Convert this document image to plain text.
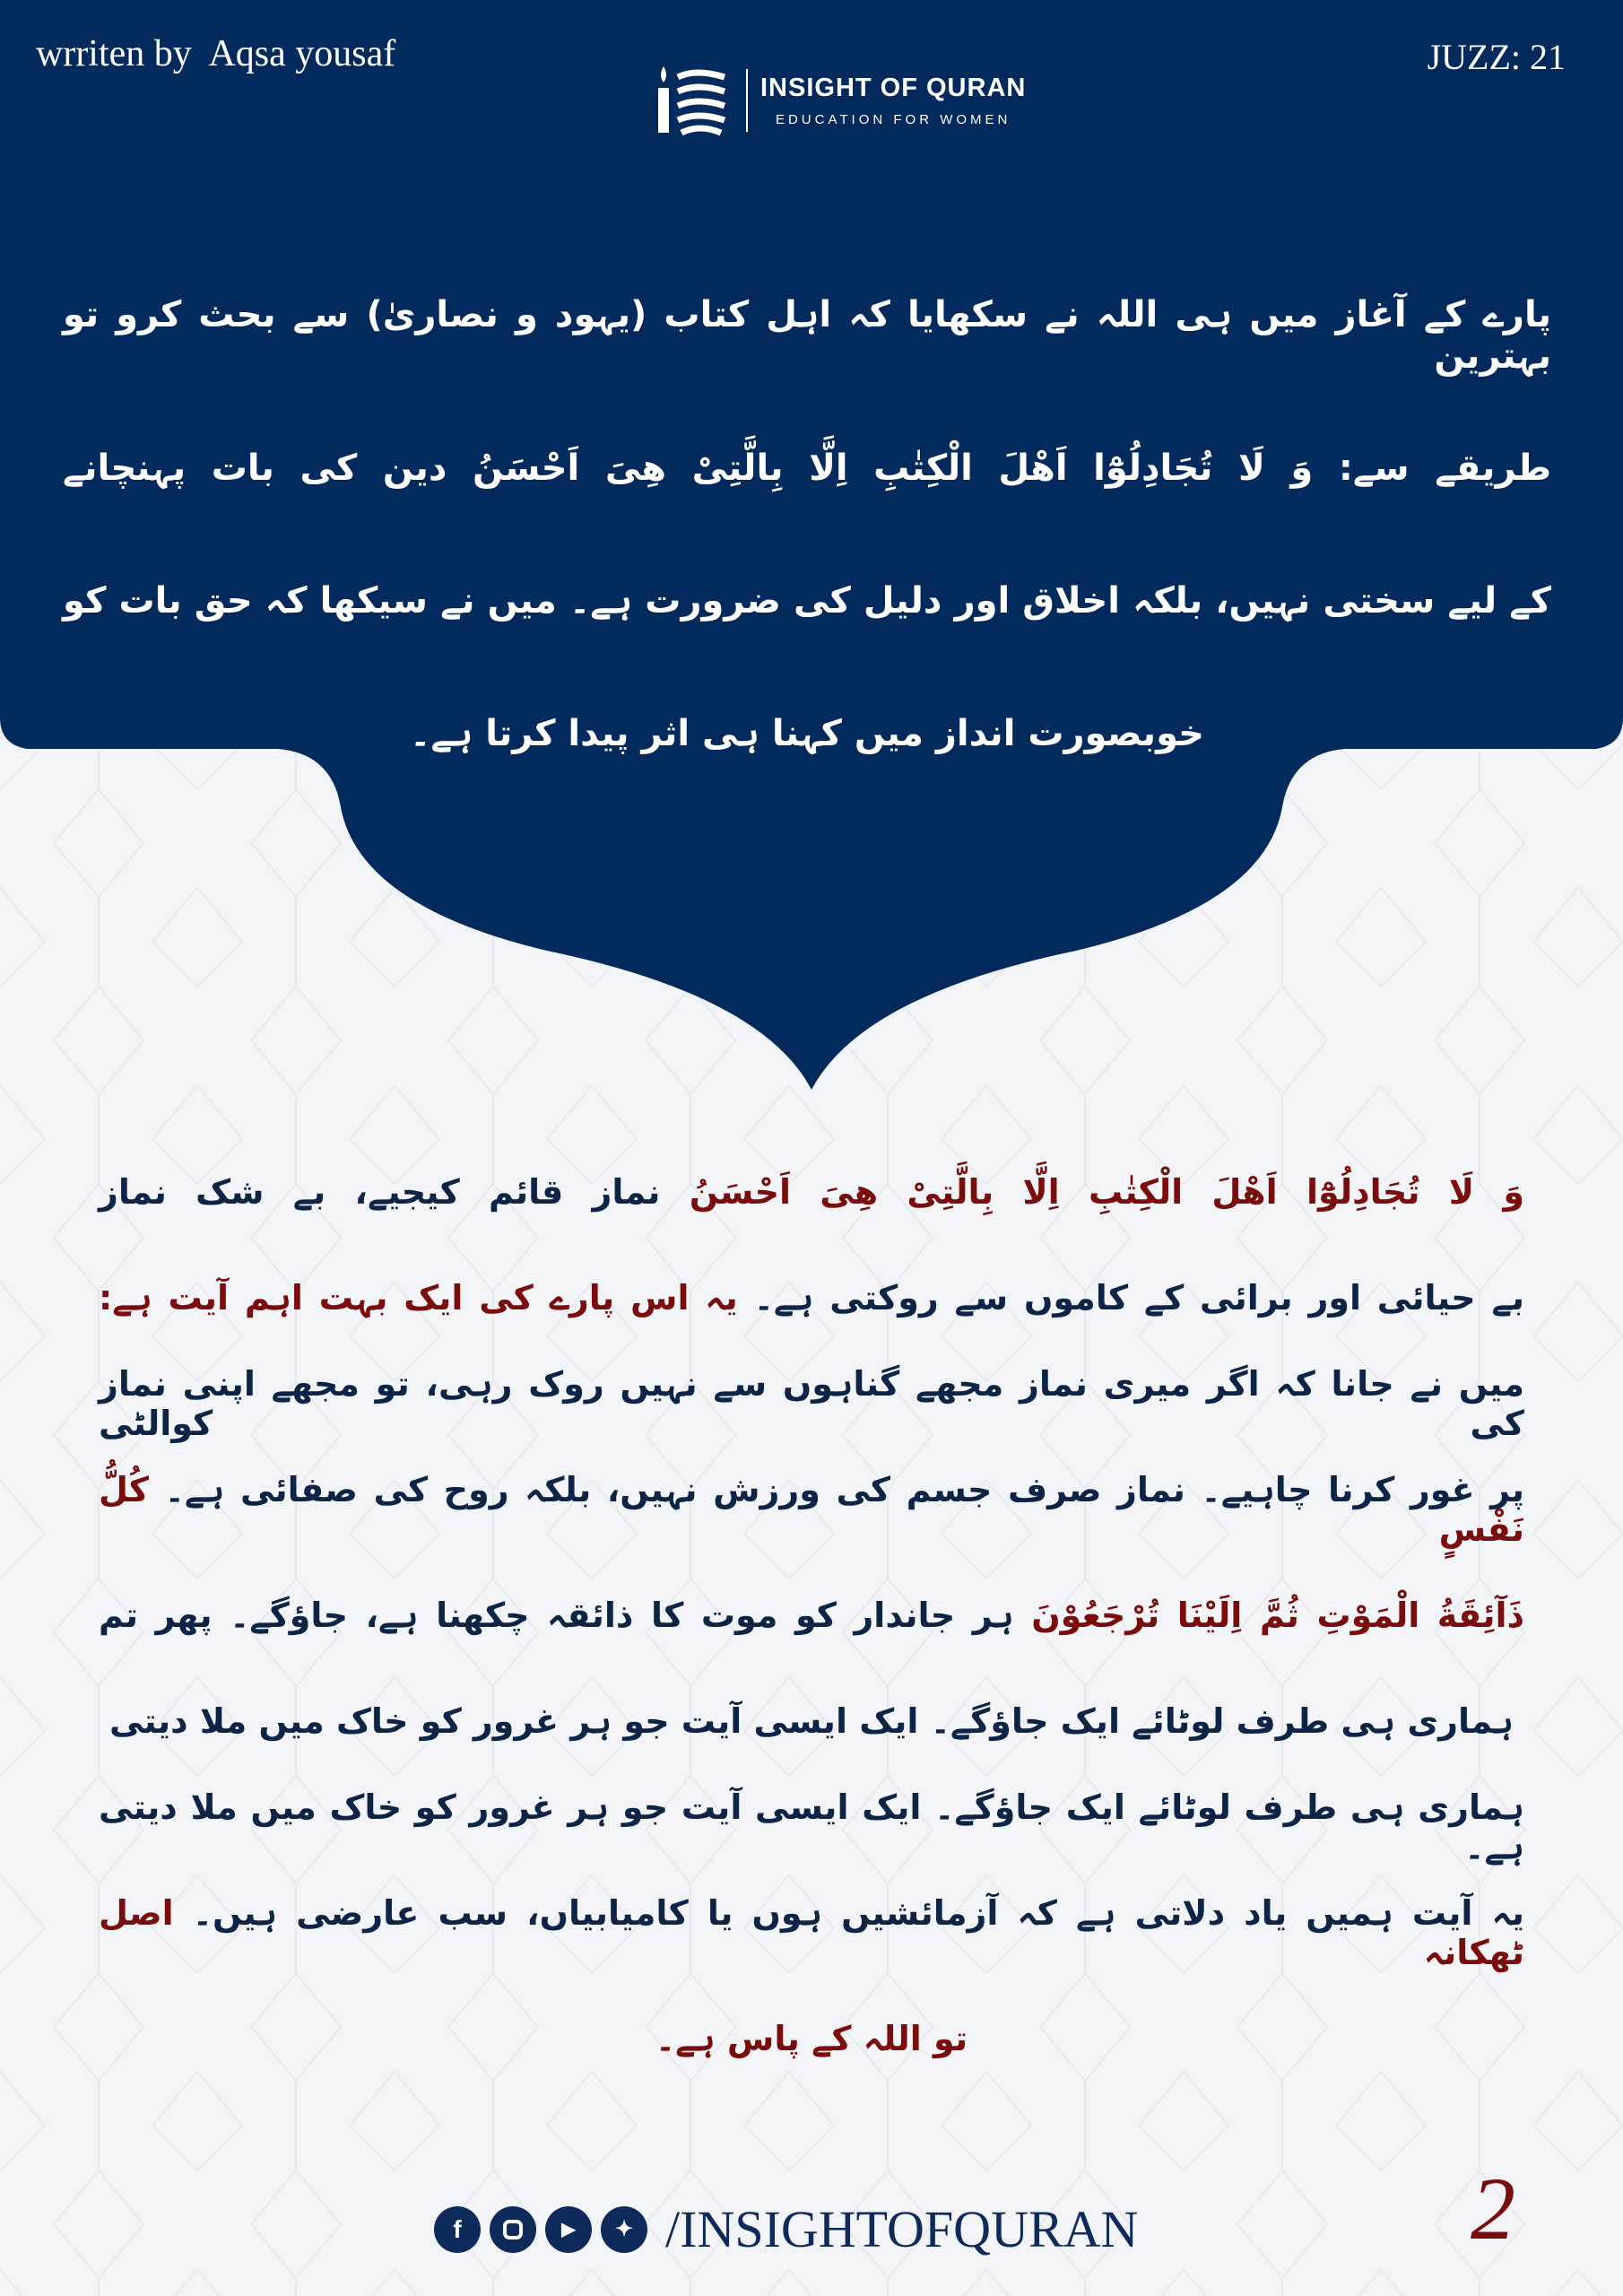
wrriten by  Aqsa yousaf	JUZZ: 21
INSIGHT OF QURAN
EDUCATION FOR WOMEN
پارے کے آغاز میں ہی اللہ نے سکھایا کہ اہل کتاب (یہود و نصاریٰ) سے بحث کرو تو بہترین
طریقے سے: وَ لَا تُجَادِلُوْٓا اَهْلَ الْكِتٰبِ اِلَّا بِالَّتِیْ هِیَ اَحْسَنُ دین کی بات پہنچانے
کے لیے سختی نہیں، بلکہ اخلاق اور دلیل کی ضرورت ہے۔ میں نے سیکھا کہ حق بات کو
خوبصورت انداز میں کہنا ہی اثر پیدا کرتا ہے۔
وَ لَا تُجَادِلُوْٓا اَهْلَ الْكِتٰبِ اِلَّا بِالَّتِیْ هِیَ اَحْسَنُ نماز قائم کیجیے، بے شک نماز
بے حیائی اور برائی کے کاموں سے روکتی ہے۔ یہ اس پارے کی ایک بہت اہم آیت ہے:
میں نے جانا کہ اگر میری نماز مجھے گناہوں سے نہیں روک رہی، تو مجھے اپنی نماز کی کوالٹی
پر غور کرنا چاہیے۔ نماز صرف جسم کی ورزش نہیں، بلکہ روح کی صفائی ہے۔ كُلُّ نَفْسٍ
ذَآئِقَةُ الْمَوْتِ ثُمَّ اِلَیْنَا تُرْجَعُوْنَ ہر جاندار کو موت کا ذائقہ چکھنا ہے، جاؤگے۔ پھر تم
ہماری ہی طرف لوٹائے ایک جاؤگے۔ ایک ایسی آیت جو ہر غرور کو خاک میں ملا دیتی
ہماری ہی طرف لوٹائے ایک جاؤگے۔ ایک ایسی آیت جو ہر غرور کو خاک میں ملا دیتی ہے۔
یہ آیت ہمیں یاد دلاتی ہے کہ آزمائشیں ہوں یا کامیابیاں، سب عارضی ہیں۔ اصل ٹھکانہ
تو اللہ کے پاس ہے۔
f	▶	✦ /INSIGHTOFQURAN	2
